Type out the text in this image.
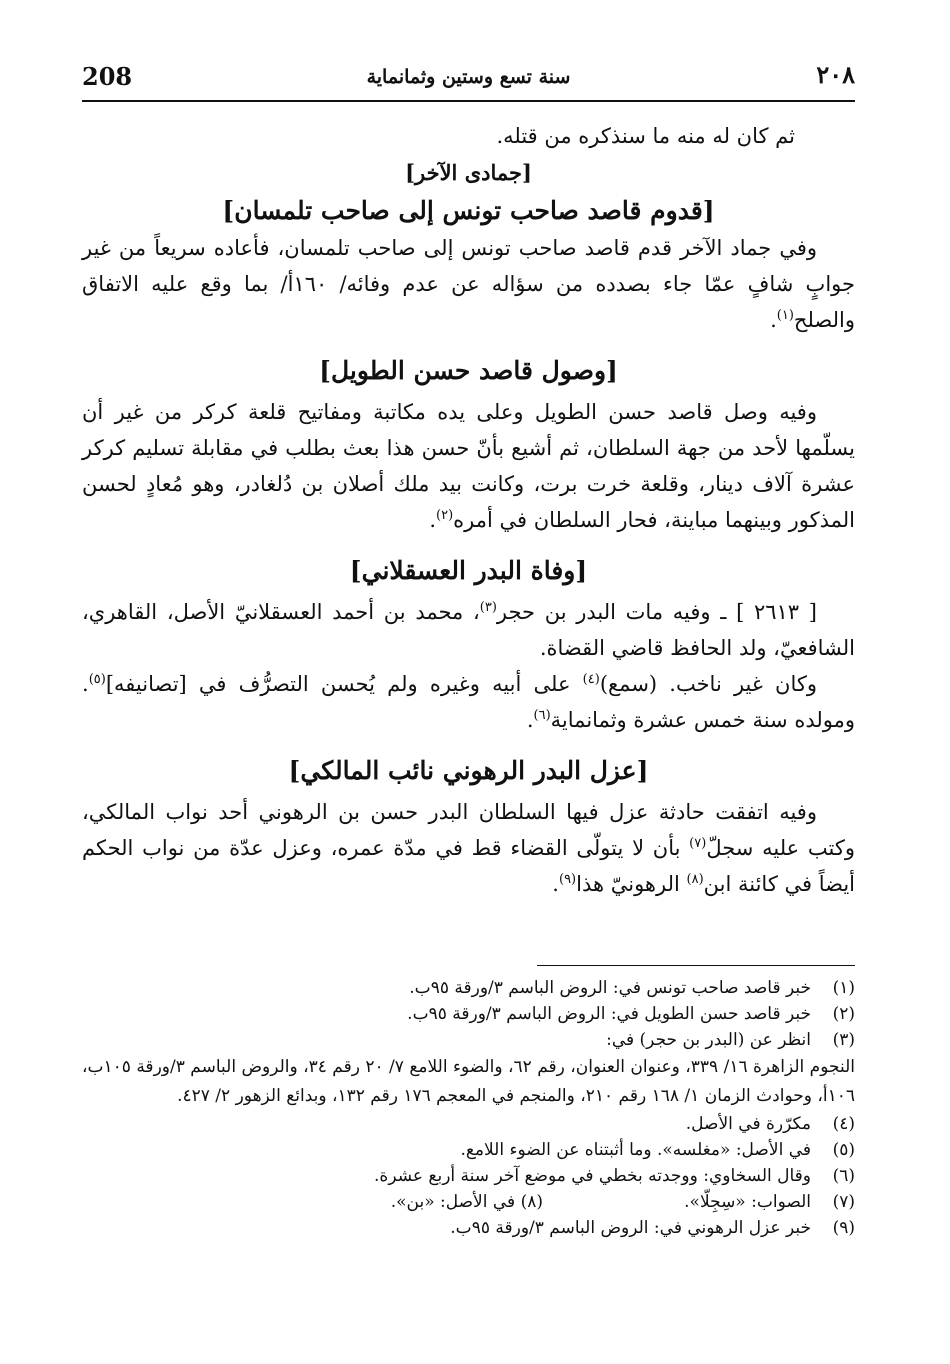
208	سنة تسع وستين وثمانماية	٢٠٨

ثم كان له منه ما سنذكره من قتله.

[جمادى الآخر]
[قدوم قاصد صاحب تونس إلى صاحب تلمسان]

وفي جماد الآخر قدم قاصد صاحب تونس إلى صاحب تلمسان، فأعاده سريعاً من غير جوابٍ شافٍ عمّا جاء بصدده من سؤاله عن عدم وفائه/ ١٦٠أ/ بما وقع عليه الاتفاق والصلح$^{(١)}$.

[وصول قاصد حسن الطويل]

وفيه وصل قاصد حسن الطويل وعلى يده مكاتبة ومفاتيح قلعة كركر من غير أن يسلّمها لأحد من جهة السلطان، ثم أشيع بأنّ حسن هذا بعث بطلب في مقابلة تسليم كركر عشرة آلاف دينار، وقلعة خرت برت، وكانت بيد ملك أصلان بن دُلغادر، وهو مُعادٍ لحسن المذكور وبينهما مباينة، فحار السلطان في أمره$^{(٢)}$.

[وفاة البدر العسقلاني]

[ ٢٦١٣ ] ـ وفيه مات البدر بن حجر$^{(٣)}$، محمد بن أحمد العسقلانيّ الأصل، القاهري، الشافعيّ، ولد الحافظ قاضي القضاة.

وكان غير ناخب. (سمع)$^{(٤)}$ على أبيه وغيره ولم يُحسن التصرُّف في [تصانيفه]$^{(٥)}$. ومولده سنة خمس عشرة وثمانماية$^{(٦)}$.

[عزل البدر الرهوني نائب المالكي]

وفيه اتفقت حادثة عزل فيها السلطان البدر حسن بن الرهوني أحد نواب المالكي، وكتب عليه سجلّ$^{(٧)}$ بأن لا يتولّى القضاء قط في مدّة عمره، وعزل عدّة من نواب الحكم أيضاً في كائنة ابن$^{(٨)}$ الرهونيّ هذا$^{(٩)}$.

(١)
خبر قاصد صاحب تونس في: الروض الباسم ٣/ورقة ٩٥ب.
(٢)
خبر قاصد حسن الطويل في: الروض الباسم ٣/ورقة ٩٥ب.
(٣)
انظر عن (البدر بن حجر) في:
النجوم الزاهرة ١٦/ ٣٣٩، وعنوان العنوان، رقم ٦٢، والضوء اللامع ٧/ ٢٠ رقم ٣٤، والروض الباسم ٣/ورقة ١٠٥ب، ١٠٦أ، وحوادث الزمان ١/ ١٦٨ رقم ٢١٠، والمنجم في المعجم ١٧٦ رقم ١٣٢، وبدائع الزهور ٢/ ٤٢٧.
(٤)
مكرّرة في الأصل.
(٥)
في الأصل: «مغلسه». وما أثبتناه عن الضوء اللامع.
(٦)
وقال السخاوي: ووجدته بخطي في موضع آخر سنة أربع عشرة.
(٧)
الصواب: «سِجِلّا».
(٨) في الأصل: «بن».
(٩)
خبر عزل الرهوني في: الروض الباسم ٣/ورقة ٩٥ب.
